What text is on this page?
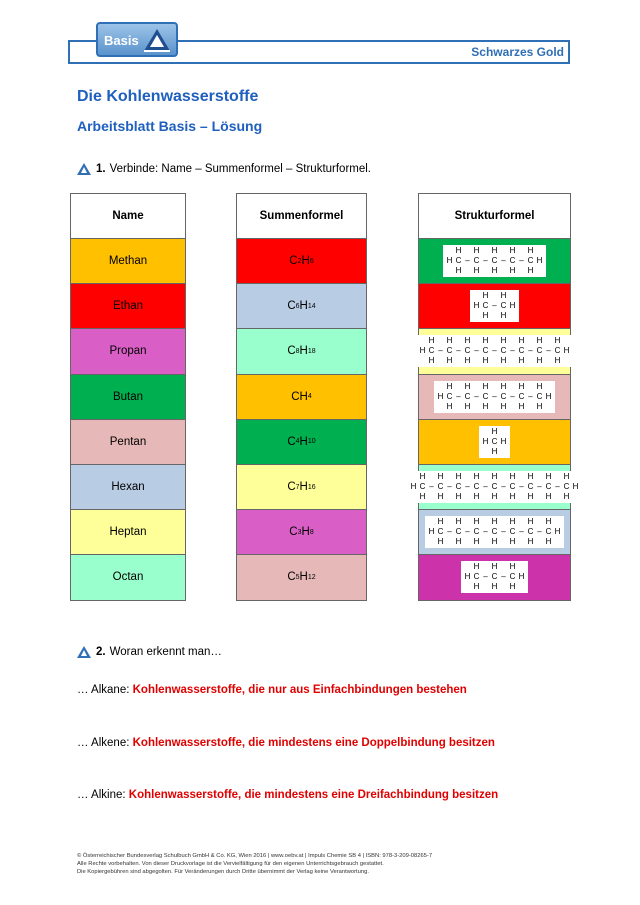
Basis
Schwarzes Gold
Die Kohlenwasserstoffe
Arbeitsblatt Basis – Lösung
1. Verbinde: Name – Summenformel – Strukturformel.
Name
Methan
Ethan
Propan
Butan
Pentan
Hexan
Heptan
Octan
Summenformel
C 2 H 6
C 6 H 14
C 8 H 18
CH 4
C 4 H 10
C 7 H 16
C 3 H 8
C 5 H 12
Strukturformel
H H H H H
H C – C – C – C – C H
H H H H H
H H
H C – C H
H H
H H H H H H H H
H C – C – C – C – C – C – C – C H
H H H H H H H H
H H H H H H
H C – C – C – C – C – C H
H H H H H H
H
H C H
H
H H H H H H H H H
H C – C – C – C – C – C – C – C – C H
H H H H H H H H H
H H H H H H H
H C – C – C – C – C – C – C H
H H H H H H H
H H H
H C – C – C H
H H H
2. Woran erkennt man…
… Alkane: Kohlenwasserstoffe, die nur aus Einfachbindungen bestehen
… Alkene: Kohlenwasserstoffe, die mindestens eine Doppelbindung besitzen
… Alkine: Kohlenwasserstoffe, die mindestens eine Dreifachbindung besitzen
© Österreichischer Bundesverlag Schulbuch GmbH & Co. KG, Wien 2016 | www.oebv.at | Impuls Chemie SB 4 | ISBN: 978-3-209-08265-7
Alle Rechte vorbehalten. Von dieser Druckvorlage ist die Vervielfältigung für den eigenen Unterrichtsgebrauch gestattet.
Die Kopiergebühren sind abgegolten. Für Veränderungen durch Dritte übernimmt der Verlag keine Verantwortung.
